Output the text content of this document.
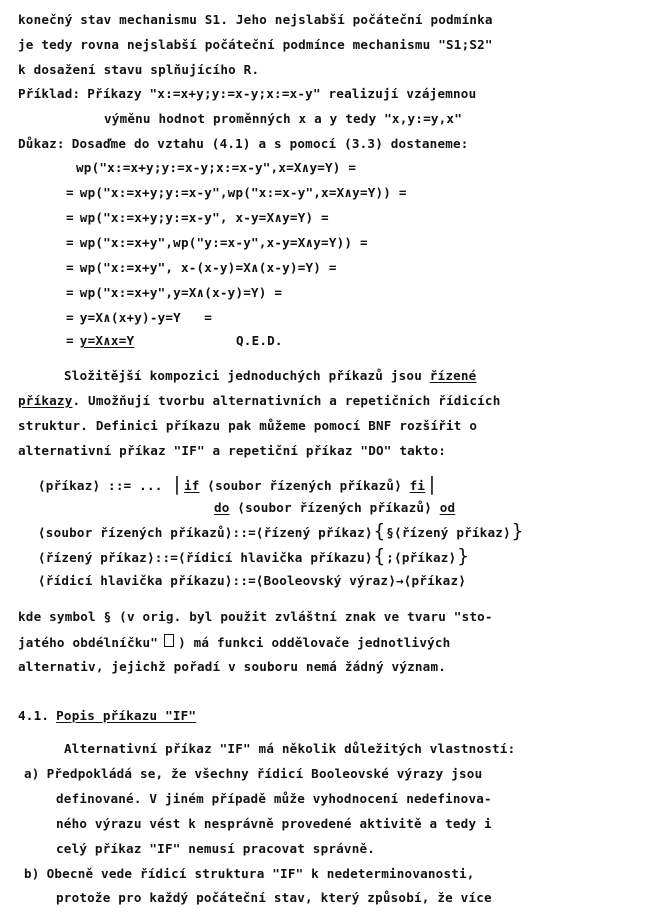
konečný stav mechanismu S1. Jeho nejslabší počáteční podmínka
je tedy rovna nejslabší počáteční podmínce mechanismu "S1;S2"
k dosažení stavu splňujícího R.
Příklad: Příkazy "x:=x+y;y:=x-y;x:=x-y" realizují vzájemnou
výměnu hodnot proměnných x a y tedy "x,y:=y,x"
Důkaz: Dosaďme do vztahu (4.1) a s pomocí (3.3) dostaneme:
wp("x:=x+y;y:=x-y;x:=x-y",x=X∧y=Y) =
= wp("x:=x+y;y:=x-y",wp("x:=x-y",x=X∧y=Y)) =
= wp("x:=x+y;y:=x-y", x-y=X∧y=Y) =
= wp("x:=x+y",wp("y:=x-y",x-y=X∧y=Y)) =
= wp("x:=x+y", x-(x-y)=X∧(x-y)=Y) =
= wp("x:=x+y",y=X∧(x-y)=Y) =
= y=X∧(x+y)-y=Y   =
= y=X∧x=Y	Q.E.D.
Složitější kompozici jednoduchých příkazů jsou řízené
příkazy . Umožňují tvorbu alternativních a repetičních řídicích
struktur. Definici příkazu pak můžeme pomocí BNF rozšířit o
alternativní příkaz "IF" a repetiční příkaz "DO" takto:
⟨příkaz⟩ ::= ... | if ⟨soubor řízených příkazů⟩ fi |
do ⟨soubor řízených příkazů⟩ od
⟨soubor řízených příkazů⟩::=⟨řízený příkaz⟩ { §⟨řízený příkaz⟩ }
⟨řízený příkaz⟩::=⟨řídicí hlavička příkazu⟩ { ;⟨příkaz⟩ }
⟨řídicí hlavička příkazu⟩::=⟨Booleovský výraz⟩→⟨příkaz⟩
kde symbol § (v orig. byl použit zvláštní znak ve tvaru "sto-
jatého obdélníčku" ) má funkci oddělovače jednotlivých
alternativ, jejichž pořadí v souboru nemá žádný význam.
4.1. Popis příkazu "IF"
Alternativní příkaz "IF" má několik důležitých vlastností:
a) Předpokládá se, že všechny řídicí Booleovské výrazy jsou
definované. V jiném případě může vyhodnocení nedefinova-
ného výrazu vést k nesprávně provedené aktivitě a tedy i
celý příkaz "IF" nemusí pracovat správně.
b) Obecně vede řídicí struktura "IF" k nedeterminovanosti,
protože pro každý počáteční stav, který způsobí, že více
